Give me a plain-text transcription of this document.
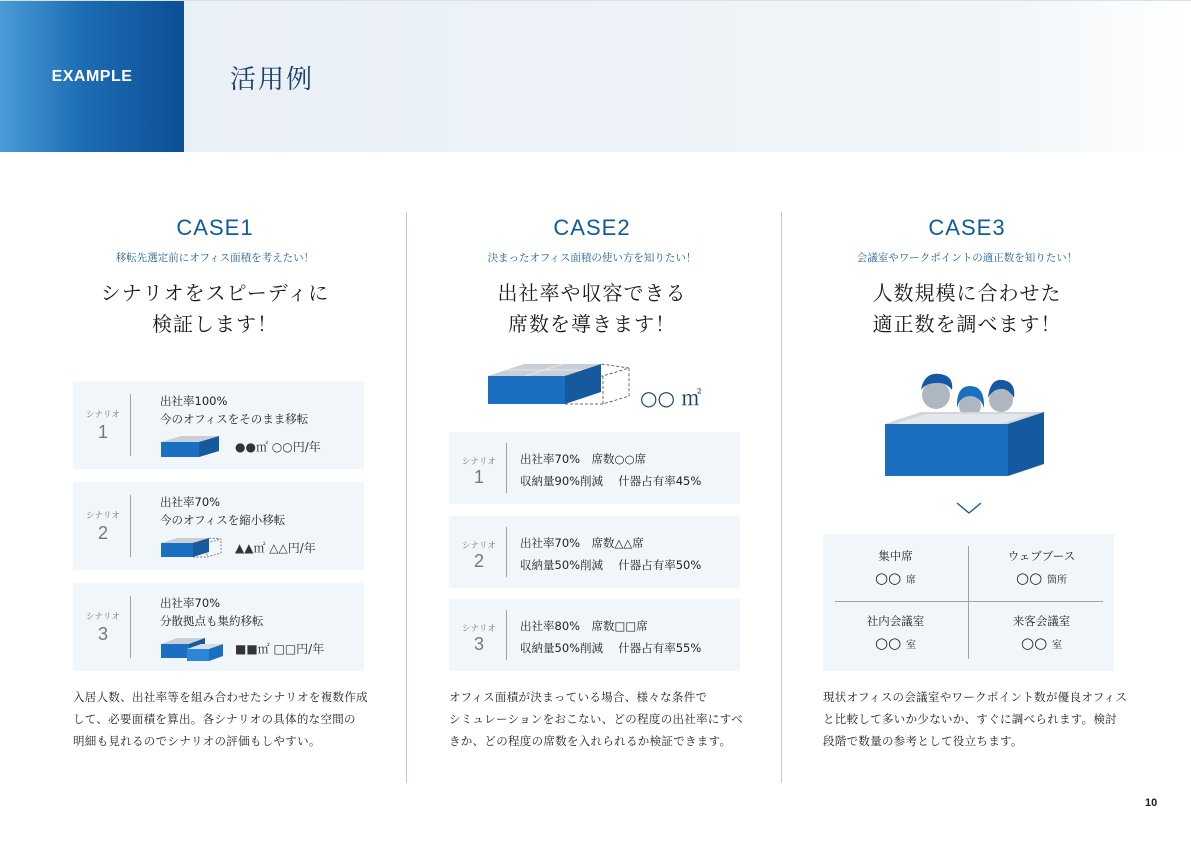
EXAMPLE	活用例
CASE1
移転先選定前にオフィス面積を考えたい！
シナリオをスピーディに
検証します！
シナリオ
1
出社率100%
今のオフィスをそのまま移転
●●㎡ ○○円/年
シナリオ
2
出社率70%
今のオフィスを縮小移転
▲▲㎡ △△円/年
シナリオ
3
出社率70%
分散拠点も集約移転
■■㎡ □□円/年
入居人数、出社率等を組み合わせたシナリオを複数作成
して、必要面積を算出。各シナリオの具体的な空間の
明細も見れるのでシナリオの評価もしやすい。
CASE2
決まったオフィス面積の使い方を知りたい！
出社率や収容できる
席数を導きます！
○○ ㎡
シナリオ
1
出社率70%　席数○○席
収納量90%削減　 什器占有率45%
シナリオ
2
出社率70%　席数△△席
収納量50%削減　 什器占有率50%
シナリオ
3
出社率80%　席数□□席
収納量50%削減　 什器占有率55%
オフィス面積が決まっている場合、様々な条件で
シミュレーションをおこない、どの程度の出社率にすべ
きか、どの程度の席数を入れられるか検証できます。
CASE3
会議室やワークポイントの適正数を知りたい！
人数規模に合わせた
適正数を調べます！
集中席
○○ 席
ウェブブース
○○ 箇所
社内会議室
○○ 室
来客会議室
○○ 室
現状オフィスの会議室やワークポイント数が優良オフィス
と比較して多いか少ないか、すぐに調べられます。検討
段階で数量の参考として役立ちます。
10
